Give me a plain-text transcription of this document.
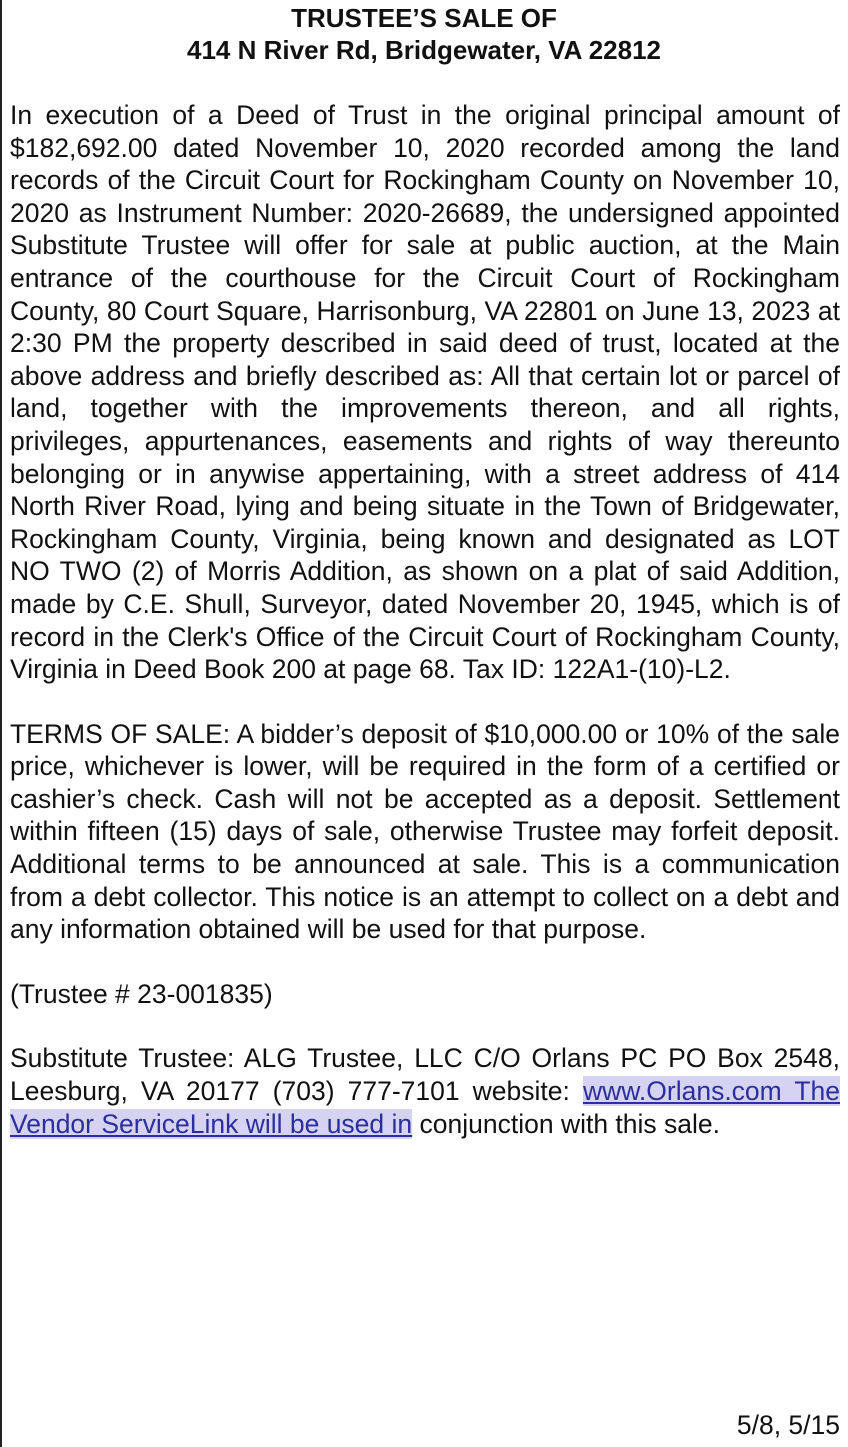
TRUSTEE’S SALE OF
414 N River Rd, Bridgewater, VA 22812

In execution of a Deed of Trust in the original principal amount of $182,692.00 dated November 10, 2020 recorded among the land records of the Circuit Court for Rockingham County on November 10, 2020 as Instrument Number: 2020-26689, the undersigned appointed Substitute Trustee will offer for sale at public auction, at the Main entrance of the courthouse for the Circuit Court of Rockingham County, 80 Court Square, Harrisonburg, VA 22801 on June 13, 2023 at 2:30 PM the property described in said deed of trust, located at the above address and briefly described as: All that certain lot or parcel of land, together with the improvements thereon, and all rights, privileges, appurtenances, easements and rights of way thereunto belonging or in anywise appertaining, with a street address of 414 North River Road, lying and being situate in the Town of Bridgewater, Rockingham County, Virginia, being known and designated as LOT NO TWO (2) of Morris Addition, as shown on a plat of said Addition, made by C.E. Shull, Surveyor, dated November 20, 1945, which is of record in the Clerk's Office of the Circuit Court of Rockingham County, Virginia in Deed Book 200 at page 68. Tax ID: 122A1-(10)-L2.

TERMS OF SALE: A bidder’s deposit of $10,000.00 or 10% of the sale price, whichever is lower, will be required in the form of a certified or cashier’s check. Cash will not be accepted as a deposit. Settlement within fifteen (15) days of sale, otherwise Trustee may forfeit deposit. Additional terms to be announced at sale. This is a communication from a debt collector. This notice is an attempt to collect on a debt and any information obtained will be used for that purpose.

(Trustee # 23-001835)

Substitute Trustee: ALG Trustee, LLC C/O Orlans PC PO Box 2548, Leesburg, VA 20177 (703) 777-7101 website: www.Orlans.com The Vendor ServiceLink will be used in conjunction with this sale.

5/8, 5/15
